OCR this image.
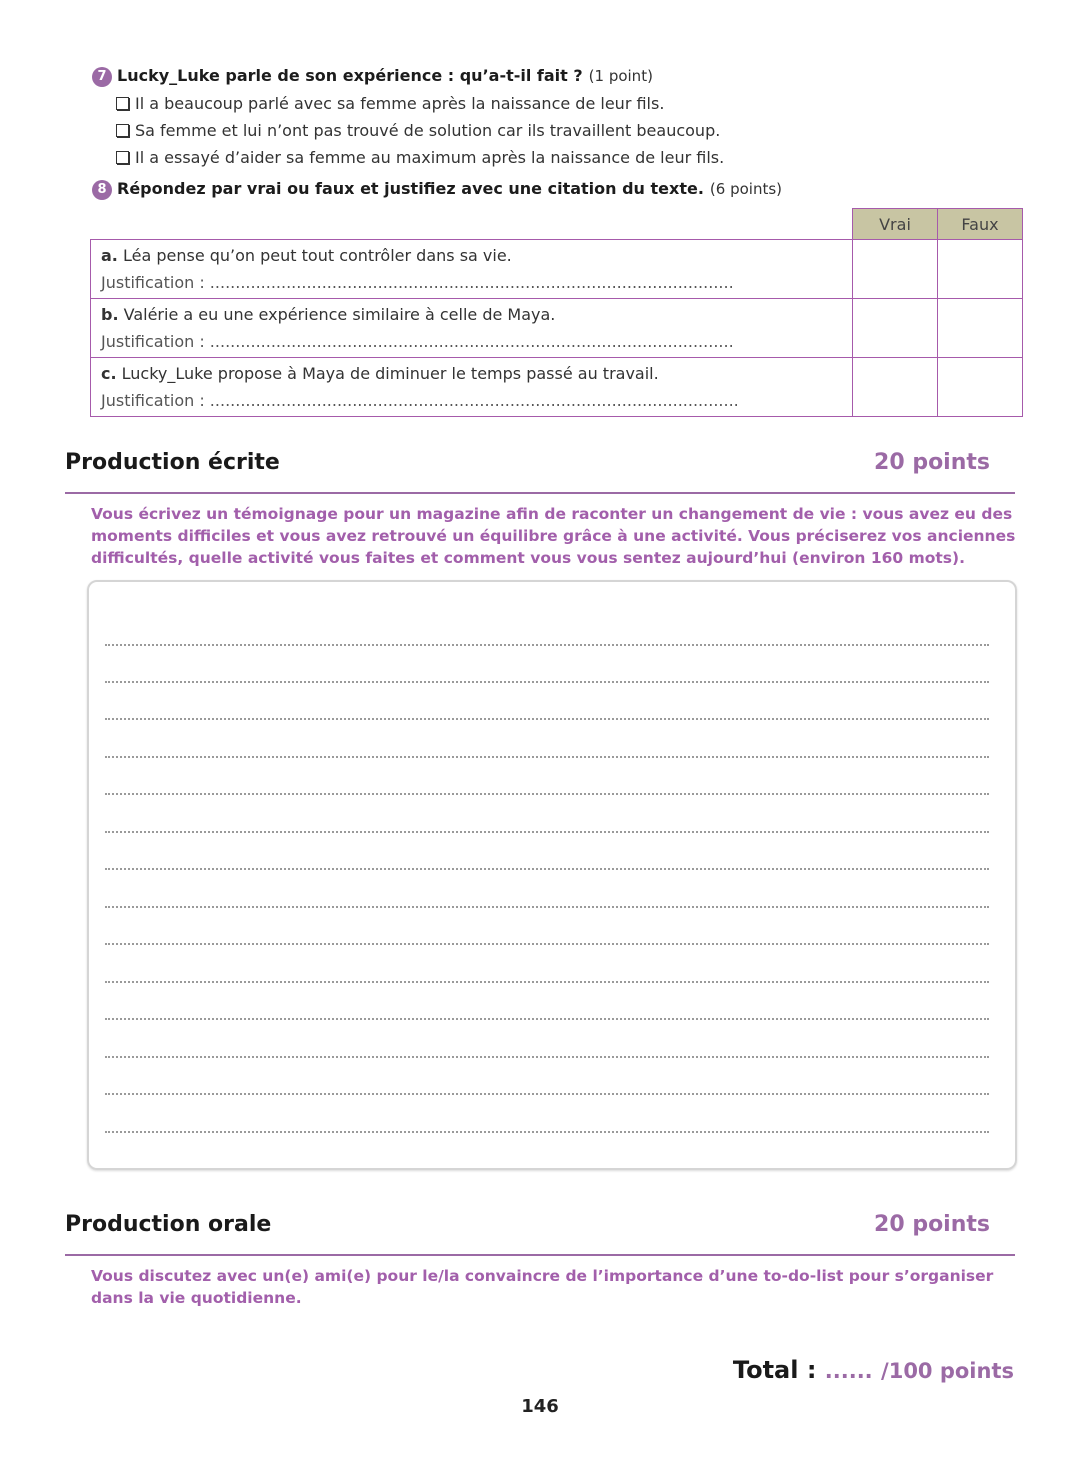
7 Lucky_Luke parle de son expérience : qu’a-t-il fait ? (1 point)
Il a beaucoup parlé avec sa femme après la naissance de leur fils.
Sa femme et lui n’ont pas trouvé de solution car ils travaillent beaucoup.
Il a essayé d’aider sa femme au maximum après la naissance de leur fils.
8 Répondez par vrai ou faux et justifiez avec une citation du texte. (6 points)
	Vrai	Faux

a. Léa pense qu’on peut tout contrôler dans sa vie.
Justification : .......................................................................................................		

b. Valérie a eu une expérience similaire à celle de Maya.
Justification : .......................................................................................................		

c. Lucky_Luke propose à Maya de diminuer le temps passé au travail.
Justification : ........................................................................................................		

Production écrite	20 points
Vous écrivez un témoignage pour un magazine afin de raconter un changement de vie : vous avez eu des moments difficiles et vous avez retrouvé un équilibre grâce à une activité. Vous préciserez vos anciennes difficultés, quelle activité vous faites et comment vous vous sentez aujourd’hui (environ 160 mots).
Production orale	20 points
Vous discutez avec un(e) ami(e) pour le/la convaincre de l’importance d’une to-do-list pour s’organiser dans la vie quotidienne.
Total : ...... /100 points
146
